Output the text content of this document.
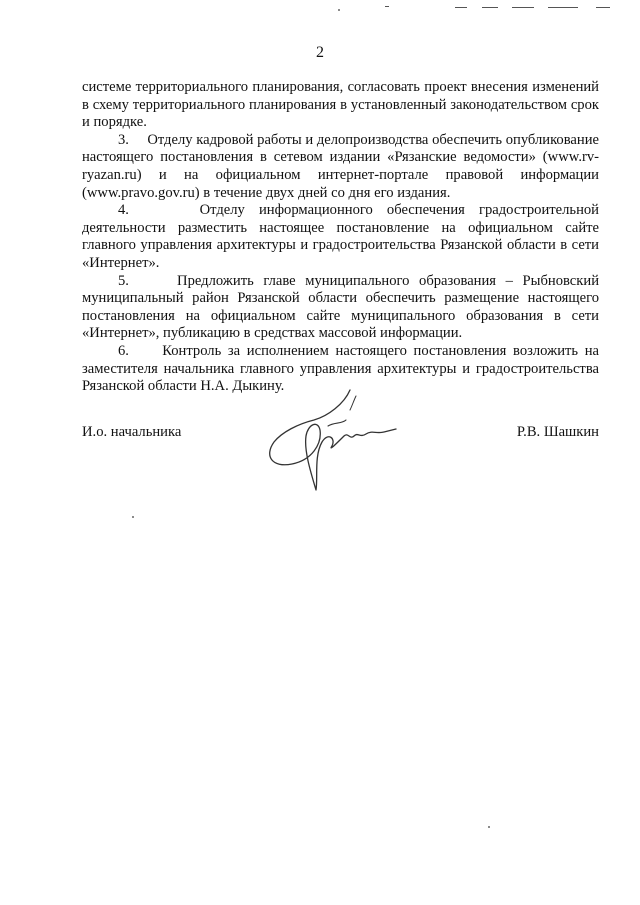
2

системе территориального планирования, согласовать проект внесения изменений в схему территориального планирования в установленный законодательством срок и порядке.

3.     Отделу кадровой работы и делопроизводства обеспечить опубликование настоящего постановления в сетевом издании «Рязанские ведомости» (www.rv-ryazan.ru) и на официальном интернет-портале правовой информации (www.pravo.gov.ru) в течение двух дней со дня его издания.

4.     Отделу информационного обеспечения градостроительной деятельности разместить настоящее постановление на официальном сайте главного управления архитектуры и градостроительства Рязанской области в сети «Интернет».

5.     Предложить главе муниципального образования – Рыбновский муниципальный район Рязанской области обеспечить размещение настоящего постановления на официальном сайте муниципального образования в сети «Интернет», публикацию в средствах массовой информации.

6.     Контроль за исполнением настоящего постановления возложить на заместителя начальника главного управления архитектуры и градостроительства Рязанской области Н.А. Дыкину.

И.о. начальника	Р.В. Шашкин
